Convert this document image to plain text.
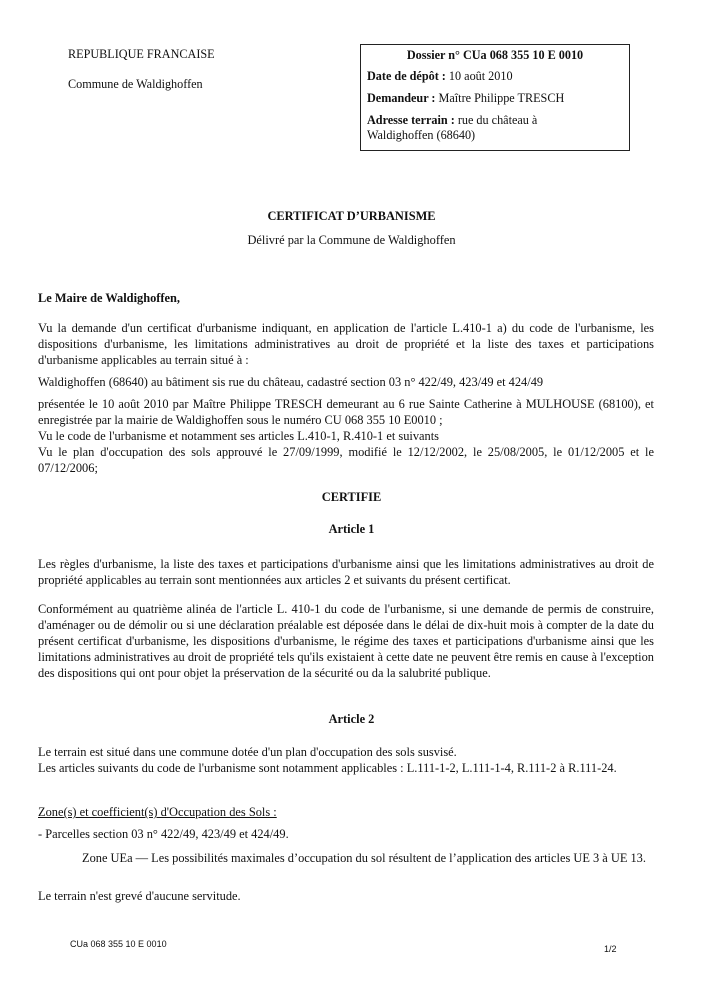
REPUBLIQUE FRANCAISE
Commune de Waldighoffen
Dossier n° CUa 068 355 10 E 0010
Date de dépôt : 10 août 2010
Demandeur : Maître Philippe TRESCH
Adresse terrain : rue du château à
Waldighoffen (68640)
CERTIFICAT D’URBANISME
Délivré par la Commune de Waldighoffen
Le Maire de Waldighoffen,

Vu la demande d'un certificat d'urbanisme indiquant, en application de l'article L.410-1 a) du code de l'urbanisme, les dispositions d'urbanisme, les limitations administratives au droit de propriété et la liste des taxes et participations d'urbanisme applicables au terrain situé à :

Waldighoffen (68640) au bâtiment sis rue du château, cadastré section 03 n° 422/49, 423/49 et 424/49

présentée le 10 août 2010 par Maître Philippe TRESCH demeurant au 6 rue Sainte Catherine à MULHOUSE (68100), et enregistrée par la mairie de Waldighoffen sous le numéro CU 068 355 10 E0010 ;

Vu le code de l'urbanisme et notamment ses articles L.410-1, R.410-1 et suivants

Vu le plan d'occupation des sols approuvé le 27/09/1999, modifié le 12/12/2002, le 25/08/2005, le 01/12/2005 et le 07/12/2006;

CERTIFIE
Article 1

Les règles d'urbanisme, la liste des taxes et participations d'urbanisme ainsi que les limitations administratives au droit de propriété applicables au terrain sont mentionnées aux articles 2 et suivants du présent certificat.

Conformément au quatrième alinéa de l'article L. 410-1 du code de l'urbanisme, si une demande de permis de construire, d'aménager ou de démolir ou si une déclaration préalable est déposée dans le délai de dix-huit mois à compter de la date du présent certificat d'urbanisme, les dispositions d'urbanisme, le régime des taxes et participations d'urbanisme ainsi que les limitations administratives au droit de propriété tels qu'ils existaient à cette date ne peuvent être remis en cause à l'exception des dispositions qui ont pour objet la préservation de la sécurité ou da la salubrité publique.

Article 2

Le terrain est situé dans une commune dotée d'un plan d'occupation des sols susvisé.

Les articles suivants du code de l'urbanisme sont notamment applicables : L.111-1-2, L.111-1-4, R.111-2 à R.111-24.

Zone(s) et coefficient(s) d'Occupation des Sols :

- Parcelles section 03 n° 422/49, 423/49 et 424/49.

Zone UEa — Les possibilités maximales d’occupation du sol résultent de l’application des articles UE 3 à UE 13.

Le terrain n'est grevé d'aucune servitude.

CUa 068 355 10 E 0010	1/2
